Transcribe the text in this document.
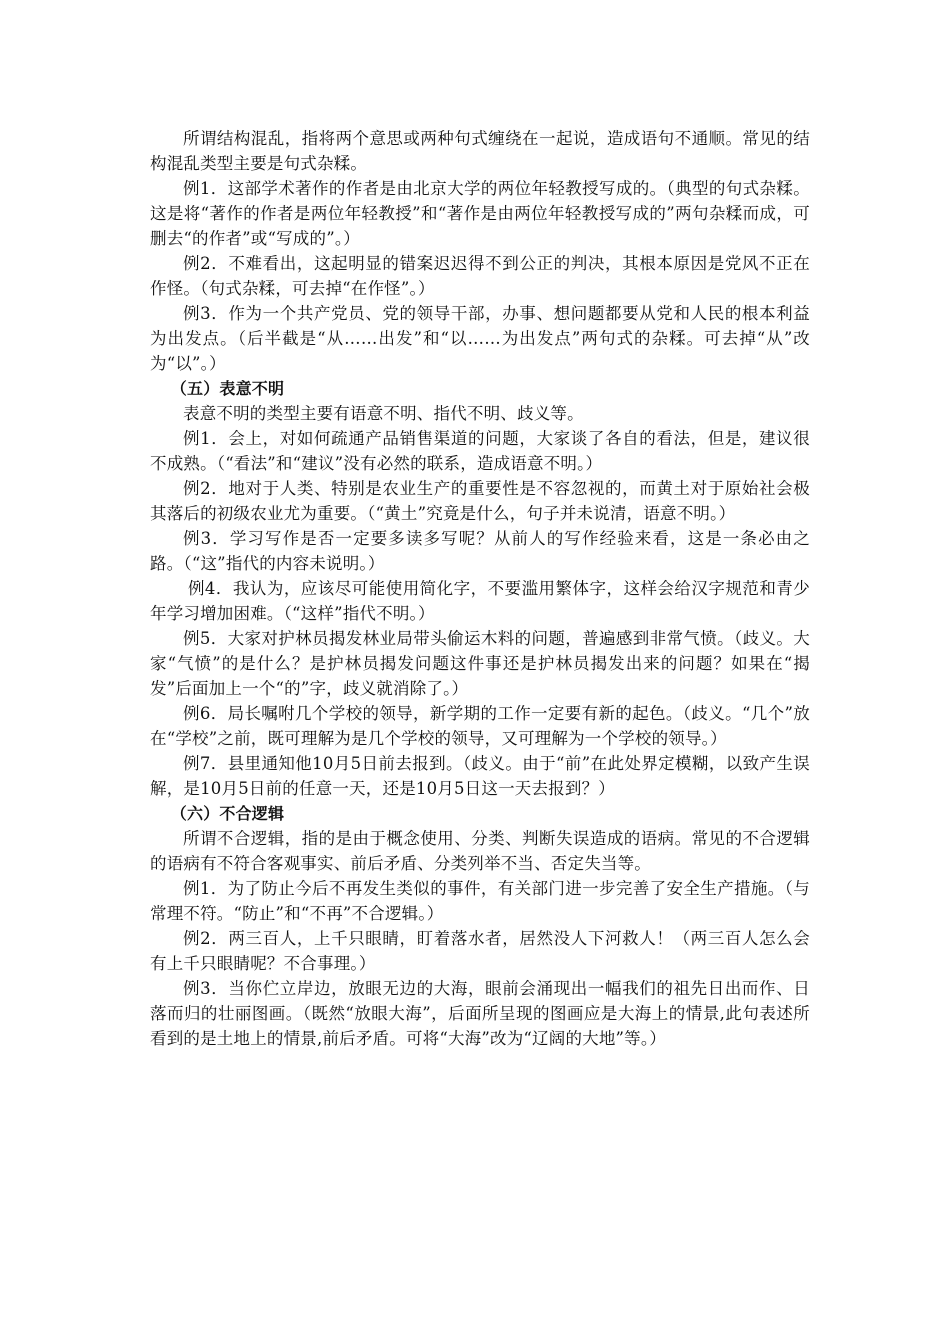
所谓结构混乱，指将两个意思或两种句式缠绕在一起说，造成语句不通顺。常见的结构混乱类型主要是句式杂糅。

例1．这部学术著作的作者是由北京大学的两位年轻教授写成的。（典型的句式杂糅。这是将“著作的作者是两位年轻教授”和“著作是由两位年轻教授写成的”两句杂糅而成，可删去“的作者”或“写成的”。）

例2．不难看出，这起明显的错案迟迟得不到公正的判决，其根本原因是党风不正在作怪。（句式杂糅，可去掉“在作怪”。）

例3．作为一个共产党员、党的领导干部，办事、想问题都要从党和人民的根本利益为出发点。（后半截是“从……出发”和“以……为出发点”两句式的杂糅。可去掉“从”改为“以”。）

（五）表意不明

表意不明的类型主要有语意不明、指代不明、歧义等。

例1．会上，对如何疏通产品销售渠道的问题，大家谈了各自的看法，但是，建议很不成熟。（“看法”和“建议”没有必然的联系，造成语意不明。）

例2．地对于人类、特别是农业生产的重要性是不容忽视的，而黄土对于原始社会极其落后的初级农业尤为重要。（“黄土”究竟是什么，句子并未说清，语意不明。）

例3．学习写作是否一定要多读多写呢？从前人的写作经验来看，这是一条必由之路。（“这”指代的内容未说明。）

例4．我认为，应该尽可能使用简化字，不要滥用繁体字，这样会给汉字规范和青少年学习增加困难。（“这样”指代不明。）

例5．大家对护林员揭发林业局带头偷运木料的问题，普遍感到非常气愤。（歧义。大家“气愤”的是什么？是护林员揭发问题这件事还是护林员揭发出来的问题？如果在“揭发”后面加上一个“的”字，歧义就消除了。）

例6．局长嘱咐几个学校的领导，新学期的工作一定要有新的起色。（歧义。“几个”放在“学校”之前，既可理解为是几个学校的领导，又可理解为一个学校的领导。）

例7．县里通知他10月5日前去报到。（歧义。由于“前”在此处界定模糊，以致产生误解，是10月5日前的任意一天，还是10月5日这一天去报到？）

（六）不合逻辑

所谓不合逻辑，指的是由于概念使用、分类、判断失误造成的语病。常见的不合逻辑的语病有不符合客观事实、前后矛盾、分类列举不当、否定失当等。

例1．为了防止今后不再发生类似的事件，有关部门进一步完善了安全生产措施。（与常理不符。“防止”和“不再”不合逻辑。）

例2．两三百人，上千只眼睛，盯着落水者，居然没人下河救人！（两三百人怎么会有上千只眼睛呢？不合事理。）

例3．当你伫立岸边，放眼无边的大海，眼前会涌现出一幅我们的祖先日出而作、日落而归的壮丽图画。（既然“放眼大海”，后面所呈现的图画应是大海上的情景,此句表述所看到的是土地上的情景,前后矛盾。可将“大海”改为“辽阔的大地”等。）
